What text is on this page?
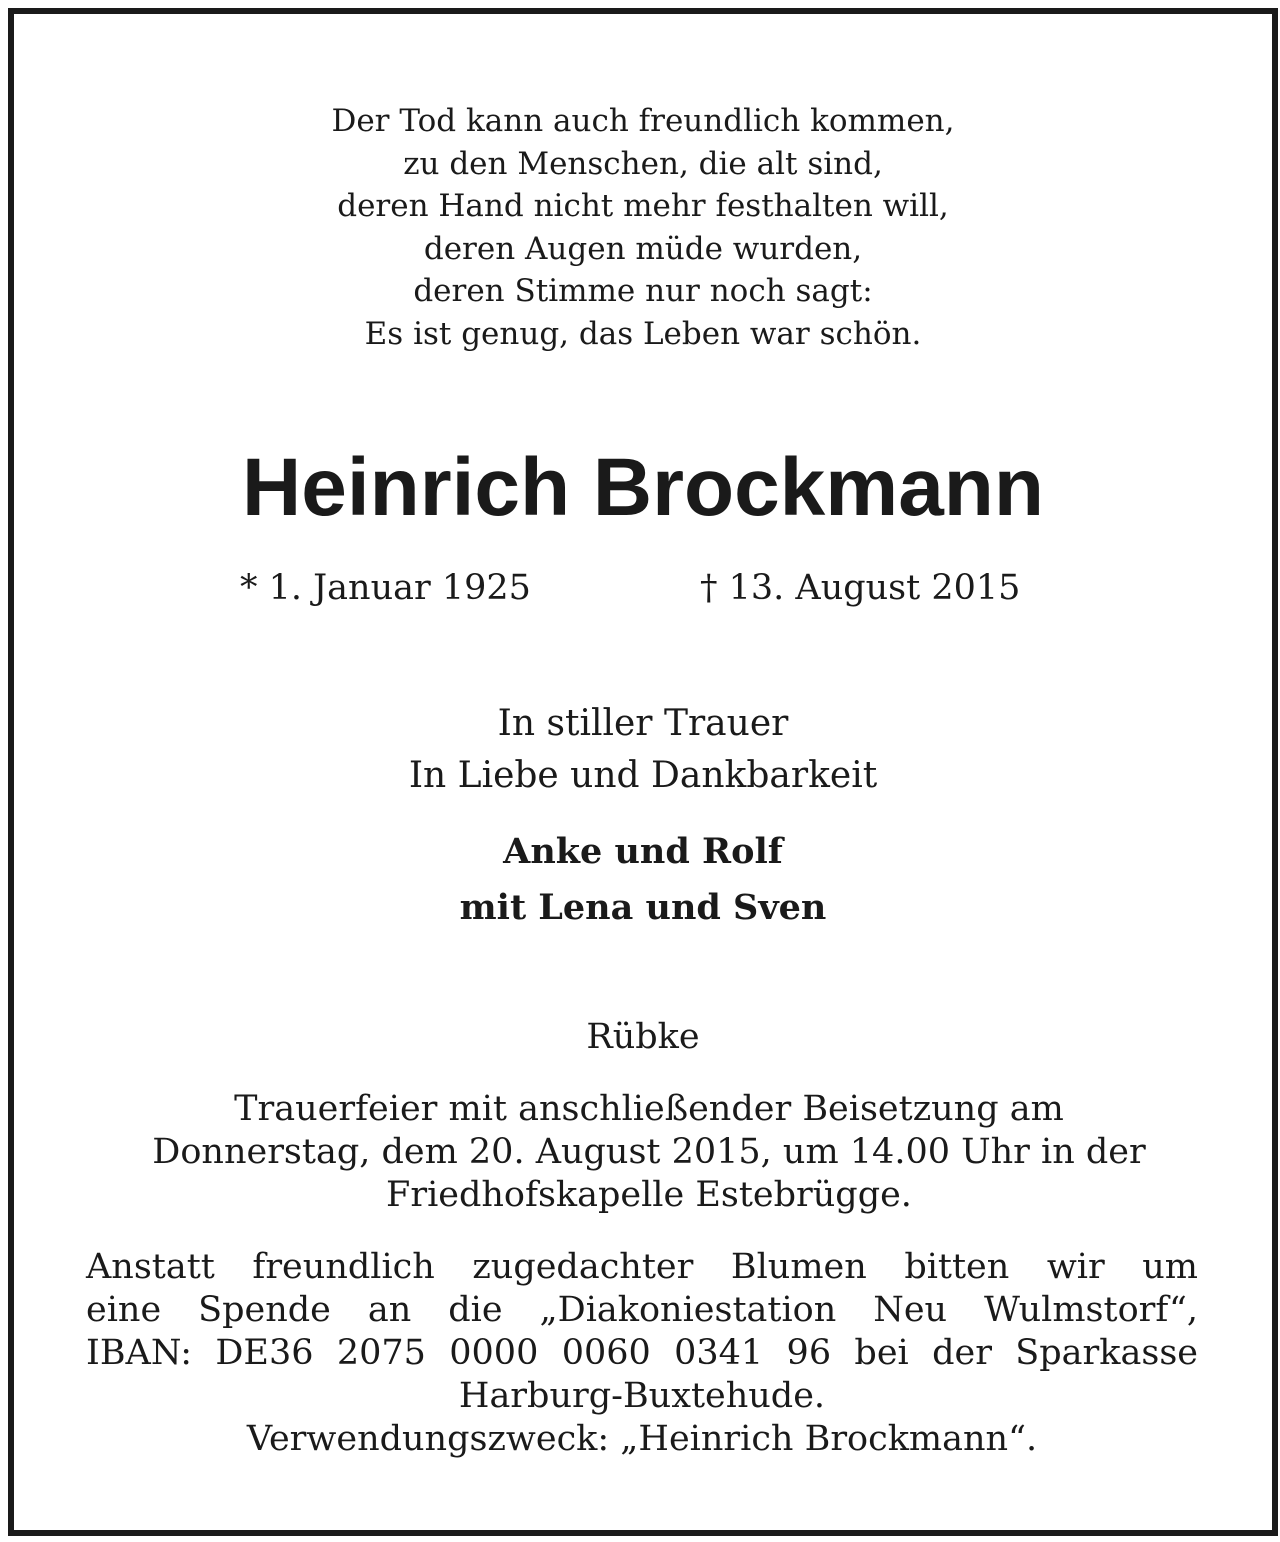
Der Tod kann auch freundlich kommen,
zu den Menschen, die alt sind,
deren Hand nicht mehr festhalten will,
deren Augen müde wurden,
deren Stimme nur noch sagt:
Es ist genug, das Leben war schön.
Heinrich Brockmann
* 1. Januar 1925	† 13. August 2015
In stiller Trauer
In Liebe und Dankbarkeit
Anke und Rolf
mit Lena und Sven
Rübke
Trauerfeier mit anschließender Beisetzung am
Donnerstag, dem 20. August 2015, um 14.00 Uhr in der
Friedhofskapelle Estebrügge.
Anstatt freundlich zugedachter Blumen bitten wir um
eine Spende an die „Diakoniestation Neu Wulmstorf“,
IBAN: DE36 2075 0000 0060 0341 96 bei der Sparkasse
Harburg-Buxtehude.
Verwendungszweck: „Heinrich Brockmann“.
